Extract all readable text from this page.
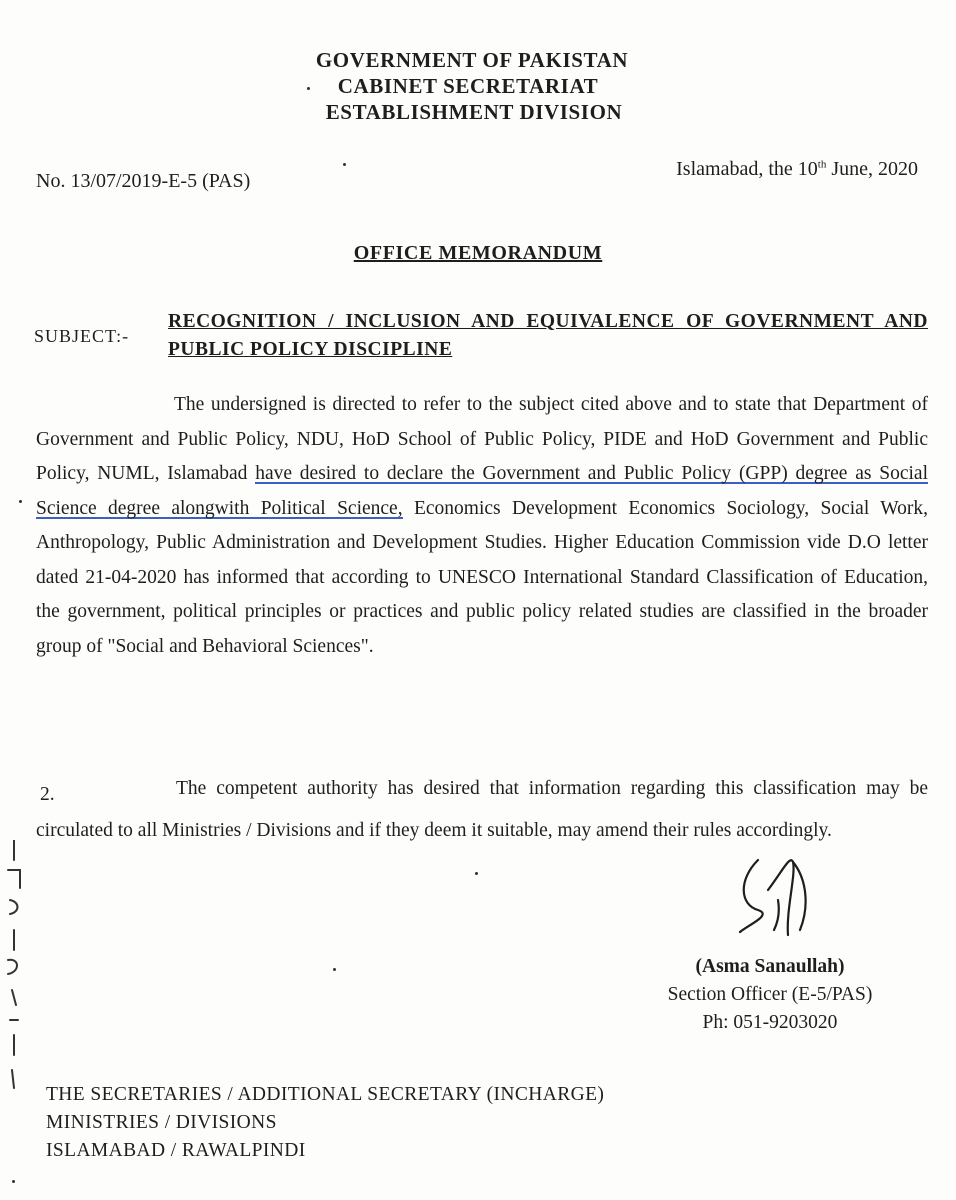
GOVERNMENT OF PAKISTAN
CABINET SECRETARIAT
ESTABLISHMENT DIVISION
No. 13/07/2019-E-5 (PAS)
Islamabad, the 10th June, 2020
OFFICE MEMORANDUM
SUBJECT:-
RECOGNITION / INCLUSION AND EQUIVALENCE OF GOVERNMENT AND PUBLIC POLICY DISCIPLINE

The undersigned is directed to refer to the subject cited above and to state that Department of Government and Public Policy, NDU, HoD School of Public Policy, PIDE and HoD Government and Public Policy, NUML, Islamabad have desired to declare the Government and Public Policy (GPP) degree as Social Science degree alongwith Political Science, Economics Development Economics Sociology, Social Work, Anthropology, Public Administration and Development Studies. Higher Education Commission vide D.O letter dated 21-04-2020 has informed that according to UNESCO International Standard Classification of Education, the government, political principles or practices and public policy related studies are classified in the broader group of "Social and Behavioral Sciences".

2.	The competent authority has desired that information regarding this classification may be circulated to all Ministries / Divisions and if they deem it suitable, may amend their rules accordingly.

(Asma Sanaullah)
Section Officer (E-5/PAS)
Ph: 051-9203020
THE SECRETARIES / ADDITIONAL SECRETARY (INCHARGE)
MINISTRIES / DIVISIONS
ISLAMABAD / RAWALPINDI
